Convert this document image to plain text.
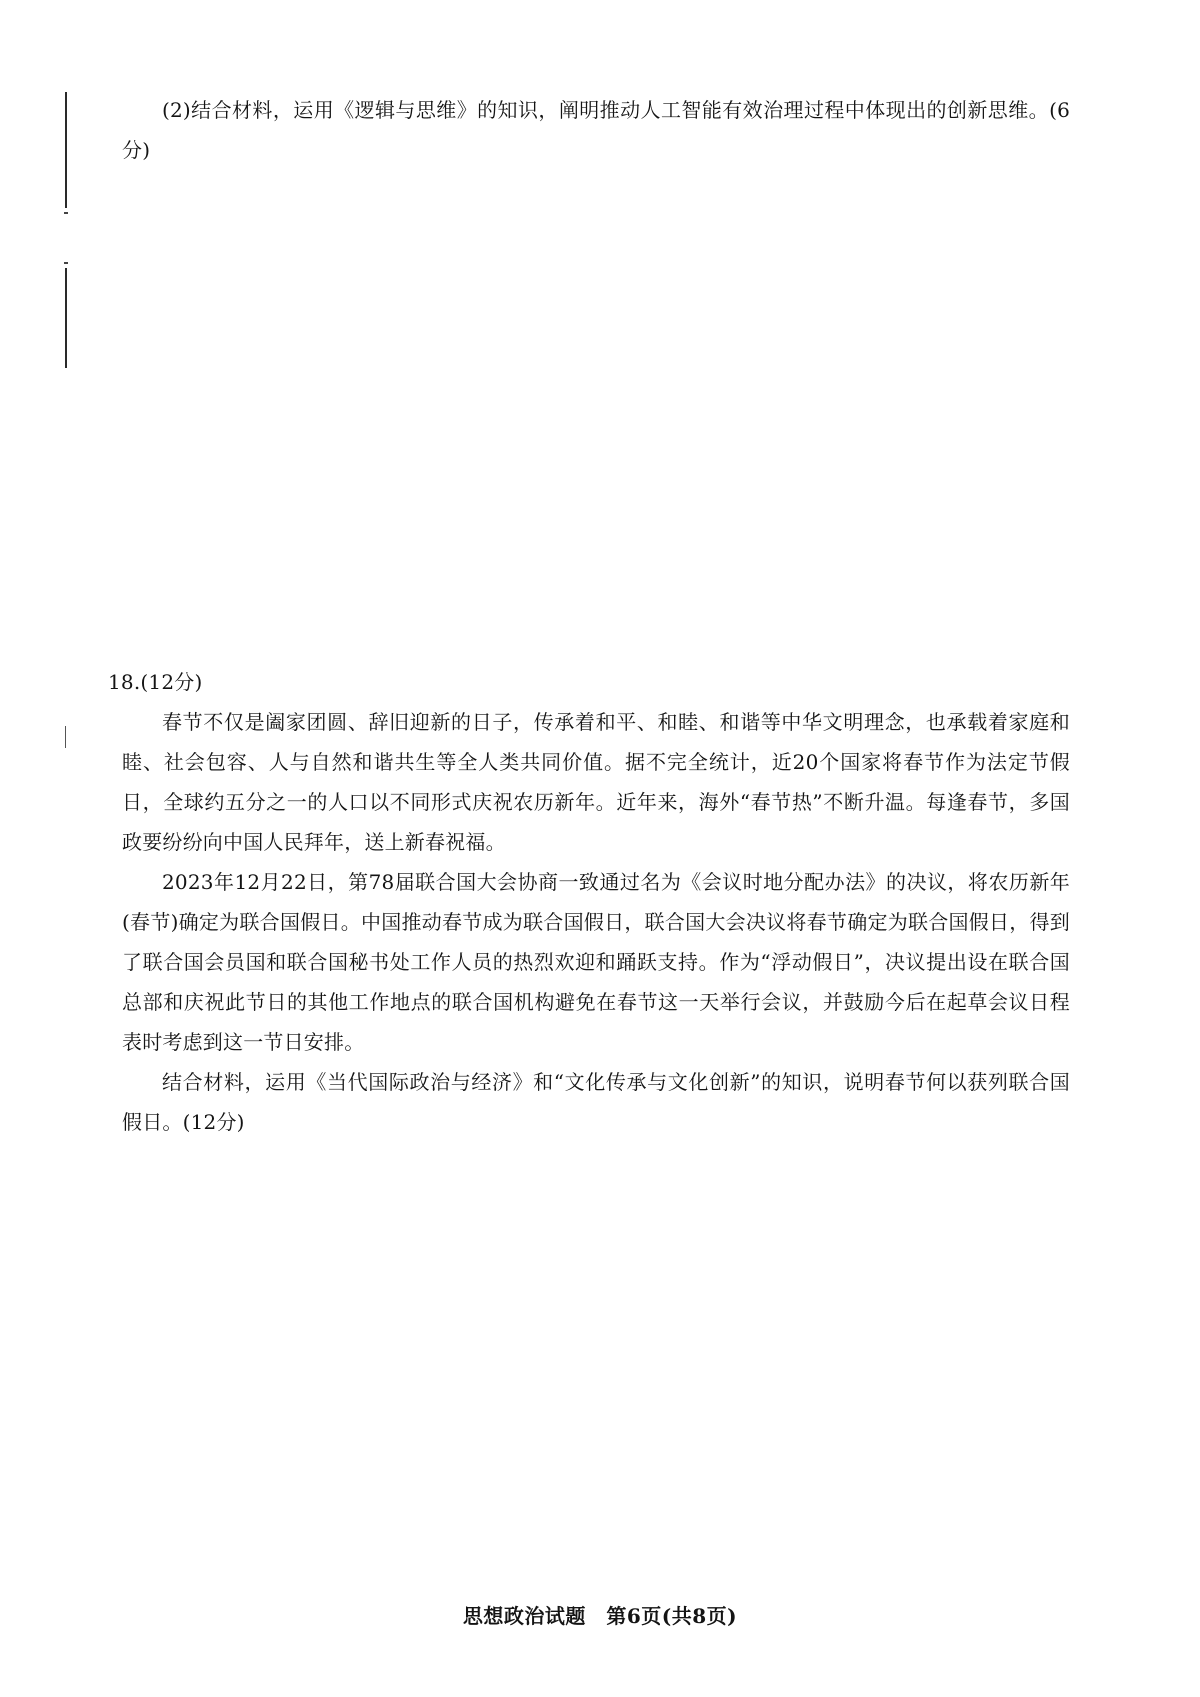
(2)结合材料，运用《逻辑与思维》的知识，阐明推动人工智能有效治理过程中体现出的创新思维。(6分)

18.(12分)

春节不仅是阖家团圆、辞旧迎新的日子，传承着和平、和睦、和谐等中华文明理念，也承载着家庭和睦、社会包容、人与自然和谐共生等全人类共同价值。据不完全统计，近20个国家将春节作为法定节假日，全球约五分之一的人口以不同形式庆祝农历新年。近年来，海外“春节热”不断升温。每逢春节，多国政要纷纷向中国人民拜年，送上新春祝福。

2023年12月22日，第78届联合国大会协商一致通过名为《会议时地分配办法》的决议，将农历新年(春节)确定为联合国假日。中国推动春节成为联合国假日，联合国大会决议将春节确定为联合国假日，得到了联合国会员国和联合国秘书处工作人员的热烈欢迎和踊跃支持。作为“浮动假日”，决议提出设在联合国总部和庆祝此节日的其他工作地点的联合国机构避免在春节这一天举行会议，并鼓励今后在起草会议日程表时考虑到这一节日安排。

结合材料，运用《当代国际政治与经济》和“文化传承与文化创新”的知识，说明春节何以获列联合国假日。(12分)

思想政治试题　第6页(共8页)
